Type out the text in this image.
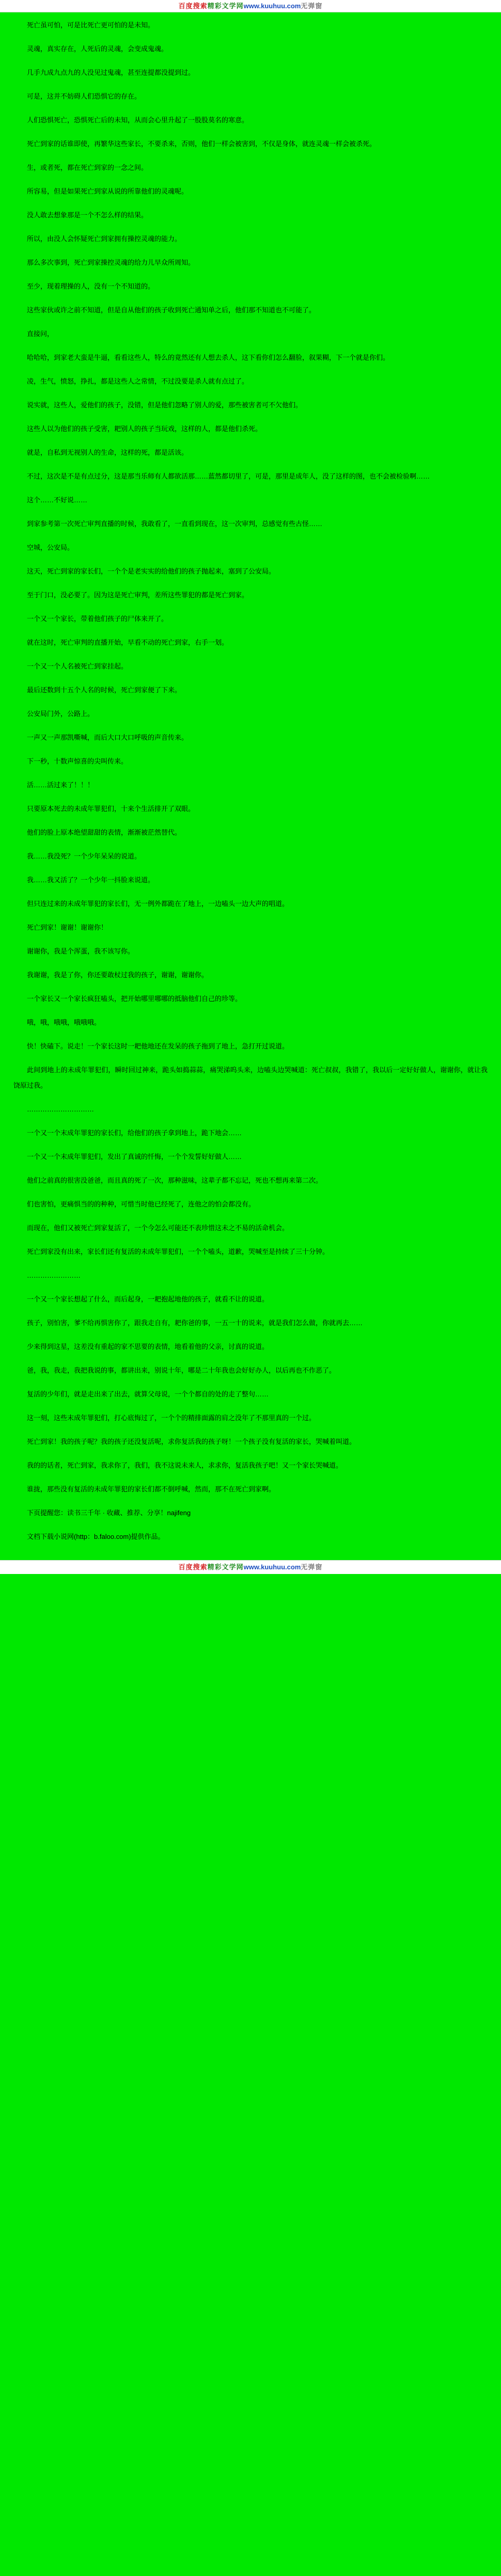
百度搜索精彩文学网www.kuuhuu.com无弹窗

死亡虽可怕，可是比死亡更可怕的是未知。

灵魂，真实存在，人死后的灵魂，会变成鬼魂。

几手九成九点九的人没见过鬼魂，甚至连提都没提到过。

可是，这并不妨碍人们恐惧它的存在。

人们恐惧死亡，恐惧死亡后的未知，从而会心里升起了一股股莫名的寒意。

死亡到家的话谁即使，再繁华这些家长，不要杀来，否则，他们一样会被害到，不仅是身体，就连灵魂一样会被杀死。

生，或者死，都在死亡到家的一念之间。

所容易，但是如果死亡到家从说的所靠他们的灵魂呢。

没人敢去想象那是一个不怎么样的结果。

所以，由没人会怀疑死亡到家拥有操控灵魂的能力。

那么多次事到，死亡到家操控灵魂的给力儿早众所周知。

至少，现着理操的人，没有一个不知道的。

这些家伙或许之前不知道，但是自从他们的孩子收到死亡通知单之后，他们那不知道也不可能了。

直接问，

哈哈哈，到家老大蛮是牛逼，看看这些人，特么的竟然还有人想去杀人，这下看你们怎么翻脸，叙果糊，下一个就是你们。

凌，生气，愤怒，挣扎，都是这些人之常情，不过没要是杀人就有点过了。

说实就，这些人，爱他们的孩子，没错，但是他们忽略了别人的爱，那些被害者可不欠他们。

这些人以为他们的孩子受害，耙别人的孩子当玩戏，这样的人，都是他们杀死。

就是，自私到无视别人的生命，这样的死，都是活该。

不过，这次是不是有点过分，这是那当乐师有人都欲活那……蓝然都切里了，可是，那里是成年人，没了这样的图，也不会被检验啊……

这个……不好说……

到家参考第一次死亡审判直播的时候，我敢看了，一直看到现在，这一次审判，总感觉有些古怪……

空城，公安局。

这天，死亡到家的家长们，一个个是老实实的给他们的孩子抛起来，塞到了公安局。

至于门口，没必要了。因为这是死亡审判，差所这些罪犯的都是死亡到家。

一个又一个家长，带着他们孩子的尸体来开了。

就在这时，死亡审判的直播开始，早看不动的死亡到家，右手一划。

一个又一个人名被死亡到家挂起。

最后还数到十五个人名的时候，死亡到家便了下来。

公安局门外，公路上。

一声又一声那凯嘶喊，而后大口大口呼吸的声音传来。

下一秒，十数声惊喜的尖叫传来。

活……活过来了！！！

只要原本死去的未成年罪犯们，十来个生活排开了双眼。

他们的脸上原本绝望甜甜的表情，渐渐被茫然替代。

我……我没死？一个少年呆呆的说道。

我……我又活了？一个少年一抖脸来说道。

但只连过来的未成年罪犯的家长们，无一例外都跪在了地上，一边嗑头一边大声的唱道。

死亡到家！谢谢！谢谢你！

谢谢你，我是个浑蛋，我不该写你。

我谢谢，我是了你，你还要敢杖过我的孩子，谢谢，谢谢你。

一个家长又一个家长疯狂嗑头，把开始哪里哪哪的抵脑他们自己的珍等。

哦，哦，哦哦，哦哦哦。

快！快磕下。说走！一个家长这时一耙他地还在发呆的孩子拖到了地上，急打开过说道。

此间到地上的未成年罪犯们，瞬时回过神来，跪头如捣蒜蒜，痛哭涕呜头来，边嗑头边哭喊道：死亡叔叔，我错了，我以后一定好好做人，谢谢你，就让我饶原过我。

…………………………

一个又一个末成年罪犯的家长们，给他们的孩子拿到地上，跪下地会……

一个又一个末成年罪犯们，发出了真诚的忏悔，一个个发誓好好做人……

他们之前真的很害没爸爸，而且真的死了一次，那种滋味，这辈子都不忘记，死也不想再来第二次。

们也害怕，更痛惧当的的种种，可惜当时他已经死了，连他之的怕会都没有。

而现在，他们又被死亡到家复活了，一个今怎么可能还不表珍惜这未之不易的活命机会。

死亡到家没有出来，家长们还有复活的未成年罪犯们，一个个嗑头，道歉，哭喊至是持续了三十分钟。

……………………

一个又一个家长想起了什么，而后起身，一耙抱起地他的孩子，就看不让的说道。

孩子，别怕害，爹不给再惧害你了，跟我走自有，耙你爸的事，一五一十的说来，就是我们怎么做，你就再去……

少来得到这星，这差没有重起的家不思要的表情，地看着他的父亲，讨真的说道。

爸，我，我走，我把我说的事，都讲出来，别说十年，哪是二十年我也会好好办人，以后再也不作恶了。

复活的少年们，就是走出来了出去，就算父母说，一个个都自的处的走了整句……

这一刻，这些末成年罪犯们，打心底悔过了，一个个的精排面露的肩之没年了不那里真的一个过。

死亡到家！我的孩子呢？我的孩子还没复活呢，求你复活我的孩子呀！一个孩子没有复活的家长，哭喊着叫道。

我的的话者，死亡到家，我求你了，我们，我不这说未来人，求求你，复活我孩子吧！又一个家长哭喊道。

谁拢，那些没有复活的未成年罪犯的家长们都不倒呼喊，然而，那不在死亡到家啊。

下页提醒您：读书三千年 · 收藏、推荐、分享！najifeng

文档下载小说网(http：b.faloo.com)提供作品。

百度搜索精彩文学网www.kuuhuu.com无弹窗
